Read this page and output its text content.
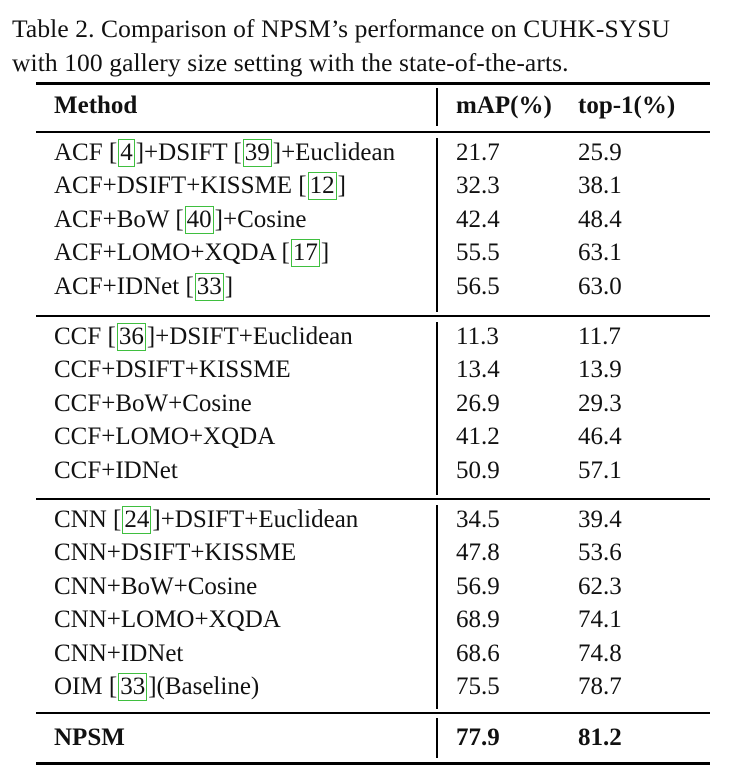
Table 2. Comparison of NPSM’s performance on CUHK-SYSU
with 100 gallery size setting with the state-of-the-arts.
Method	mAP(%) top-1(%)
ACF [ 4 ]+DSIFT [ 39 ]+Euclidean 21.7	25.9
ACF+DSIFT+KISSME [ 12 ]	32.3	38.1
ACF+BoW [ 40 ]+Cosine	42.4	48.4
ACF+LOMO+XQDA [ 17 ]	55.5	63.1
ACF+IDNet [ 33 ]	56.5	63.0
CCF [ 36 ]+DSIFT+Euclidean	11.3	11.7
CCF+DSIFT+KISSME	13.4	13.9
CCF+BoW+Cosine	26.9	29.3
CCF+LOMO+XQDA	41.2	46.4
CCF+IDNet	50.9	57.1
CNN [ 24 ]+DSIFT+Euclidean	34.5	39.4
CNN+DSIFT+KISSME	47.8	53.6
CNN+BoW+Cosine	56.9	62.3
CNN+LOMO+XQDA	68.9	74.1
CNN+IDNet	68.6	74.8
OIM [ 33 ](Baseline)	75.5	78.7
NPSM	77.9	81.2
